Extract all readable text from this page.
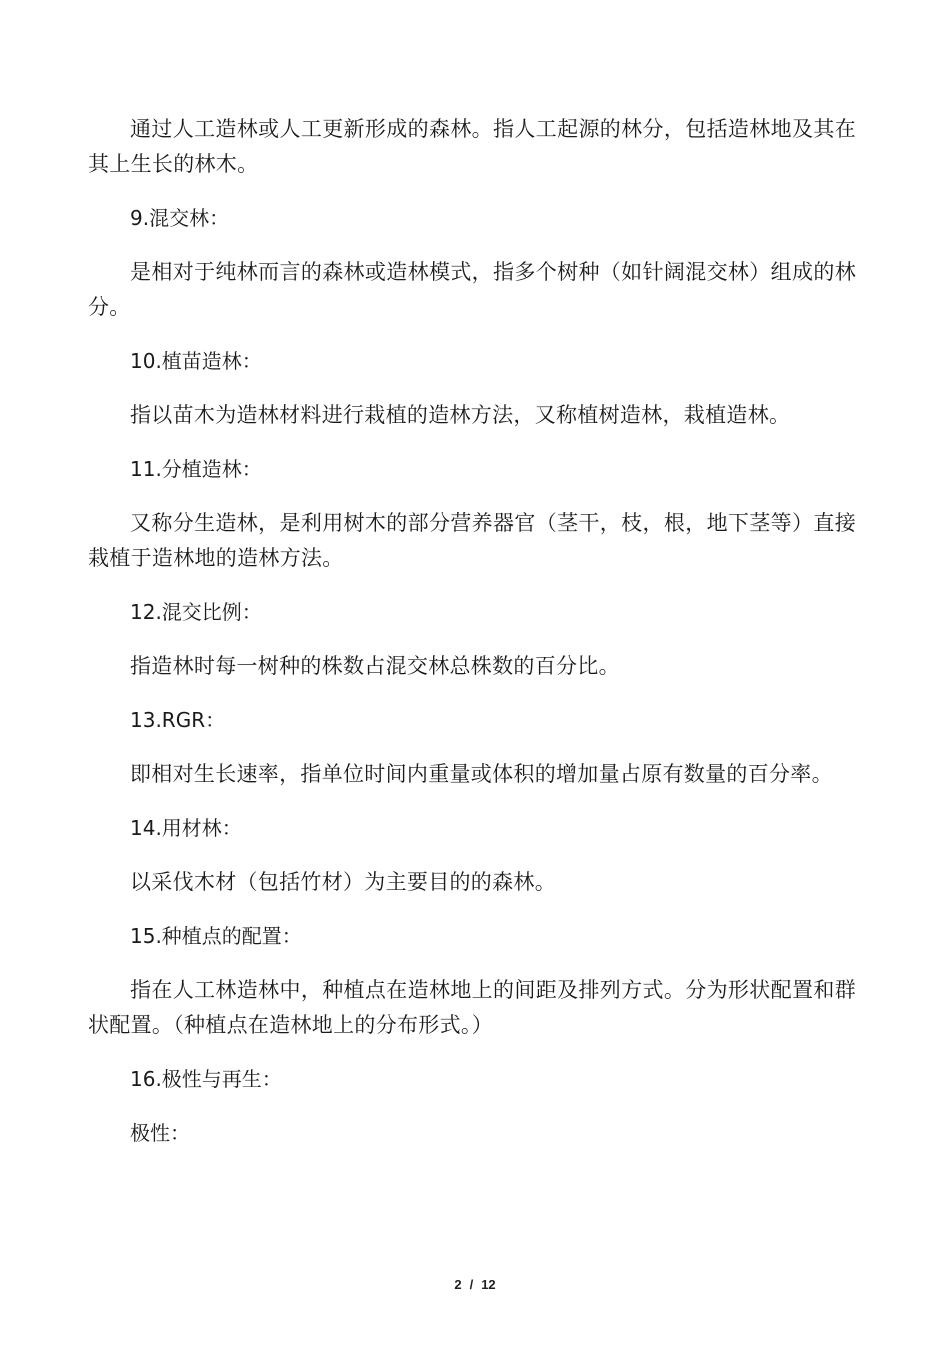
通过人工造林或人工更新形成的森林。指人工起源的林分，包括造林地及其在其上生长的林木。

9.混交林：

是相对于纯林而言的森林或造林模式，指多个树种（如针阔混交林）组成的林分。

10.植苗造林：

指以苗木为造林材料进行栽植的造林方法，又称植树造林，栽植造林。

11.分植造林：

又称分生造林，是利用树木的部分营养器官（茎干，枝，根，地下茎等）直接栽植于造林地的造林方法。

12.混交比例：

指造林时每一树种的株数占混交林总株数的百分比。

13.RGR：

即相对生长速率，指单位时间内重量或体积的增加量占原有数量的百分率。

14.用材林：

以采伐木材（包括竹材）为主要目的的森林。

15.种植点的配置：

指在人工林造林中，种植点在造林地上的间距及排列方式。分为形状配置和群状配置。（种植点在造林地上的分布形式。）

16.极性与再生：

极性：

2 / 12
